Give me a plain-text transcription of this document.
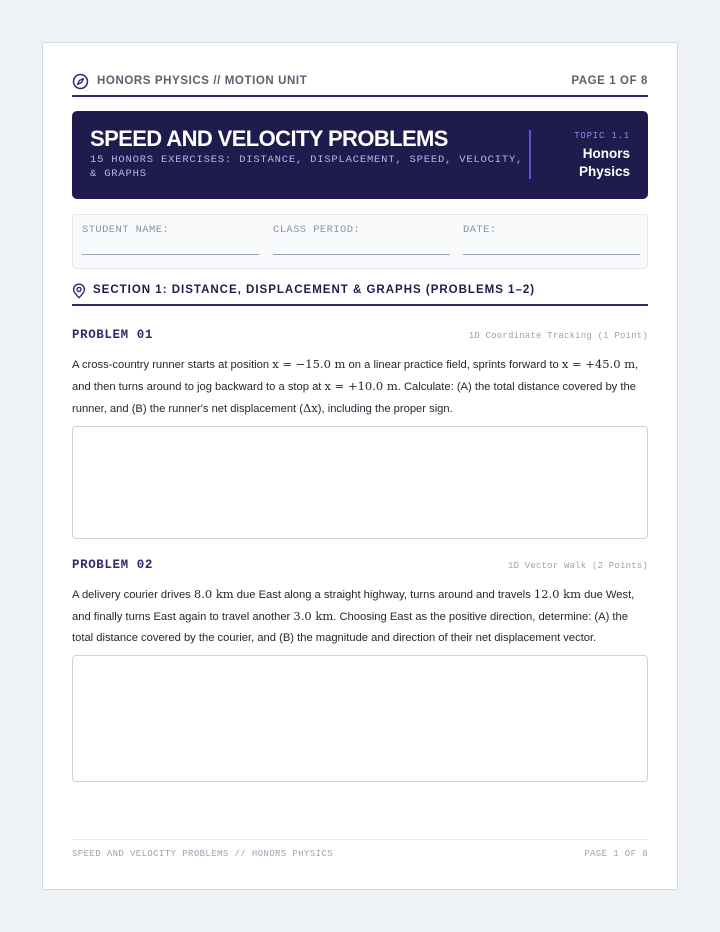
HONORS PHYSICS // MOTION UNIT	PAGE 1 OF 8
SPEED AND VELOCITY PROBLEMS
15 HONORS EXERCISES: DISTANCE, DISPLACEMENT, SPEED, VELOCITY, & GRAPHS
TOPIC 1.1
Honors Physics
STUDENT NAME:	CLASS PERIOD:	DATE:
SECTION 1: DISTANCE, DISPLACEMENT & GRAPHS (PROBLEMS 1–2)
PROBLEM 01	1D Coordinate Tracking (1 Point)

A cross-country runner starts at position x = −15.0 m on a linear practice field, sprints forward to x = +45.0 m, and then turns around to jog backward to a stop at x = +10.0 m. Calculate: (A) the total distance covered by the runner, and (B) the runner's net displacement (Δx), including the proper sign.

PROBLEM 02	1D Vector Walk (2 Points)

A delivery courier drives 8.0 km due East along a straight highway, turns around and travels 12.0 km due West, and finally turns East again to travel another 3.0 km. Choosing East as the positive direction, determine: (A) the total distance covered by the courier, and (B) the magnitude and direction of their net displacement vector.

SPEED AND VELOCITY PROBLEMS // HONORS PHYSICS	PAGE 1 OF 8
